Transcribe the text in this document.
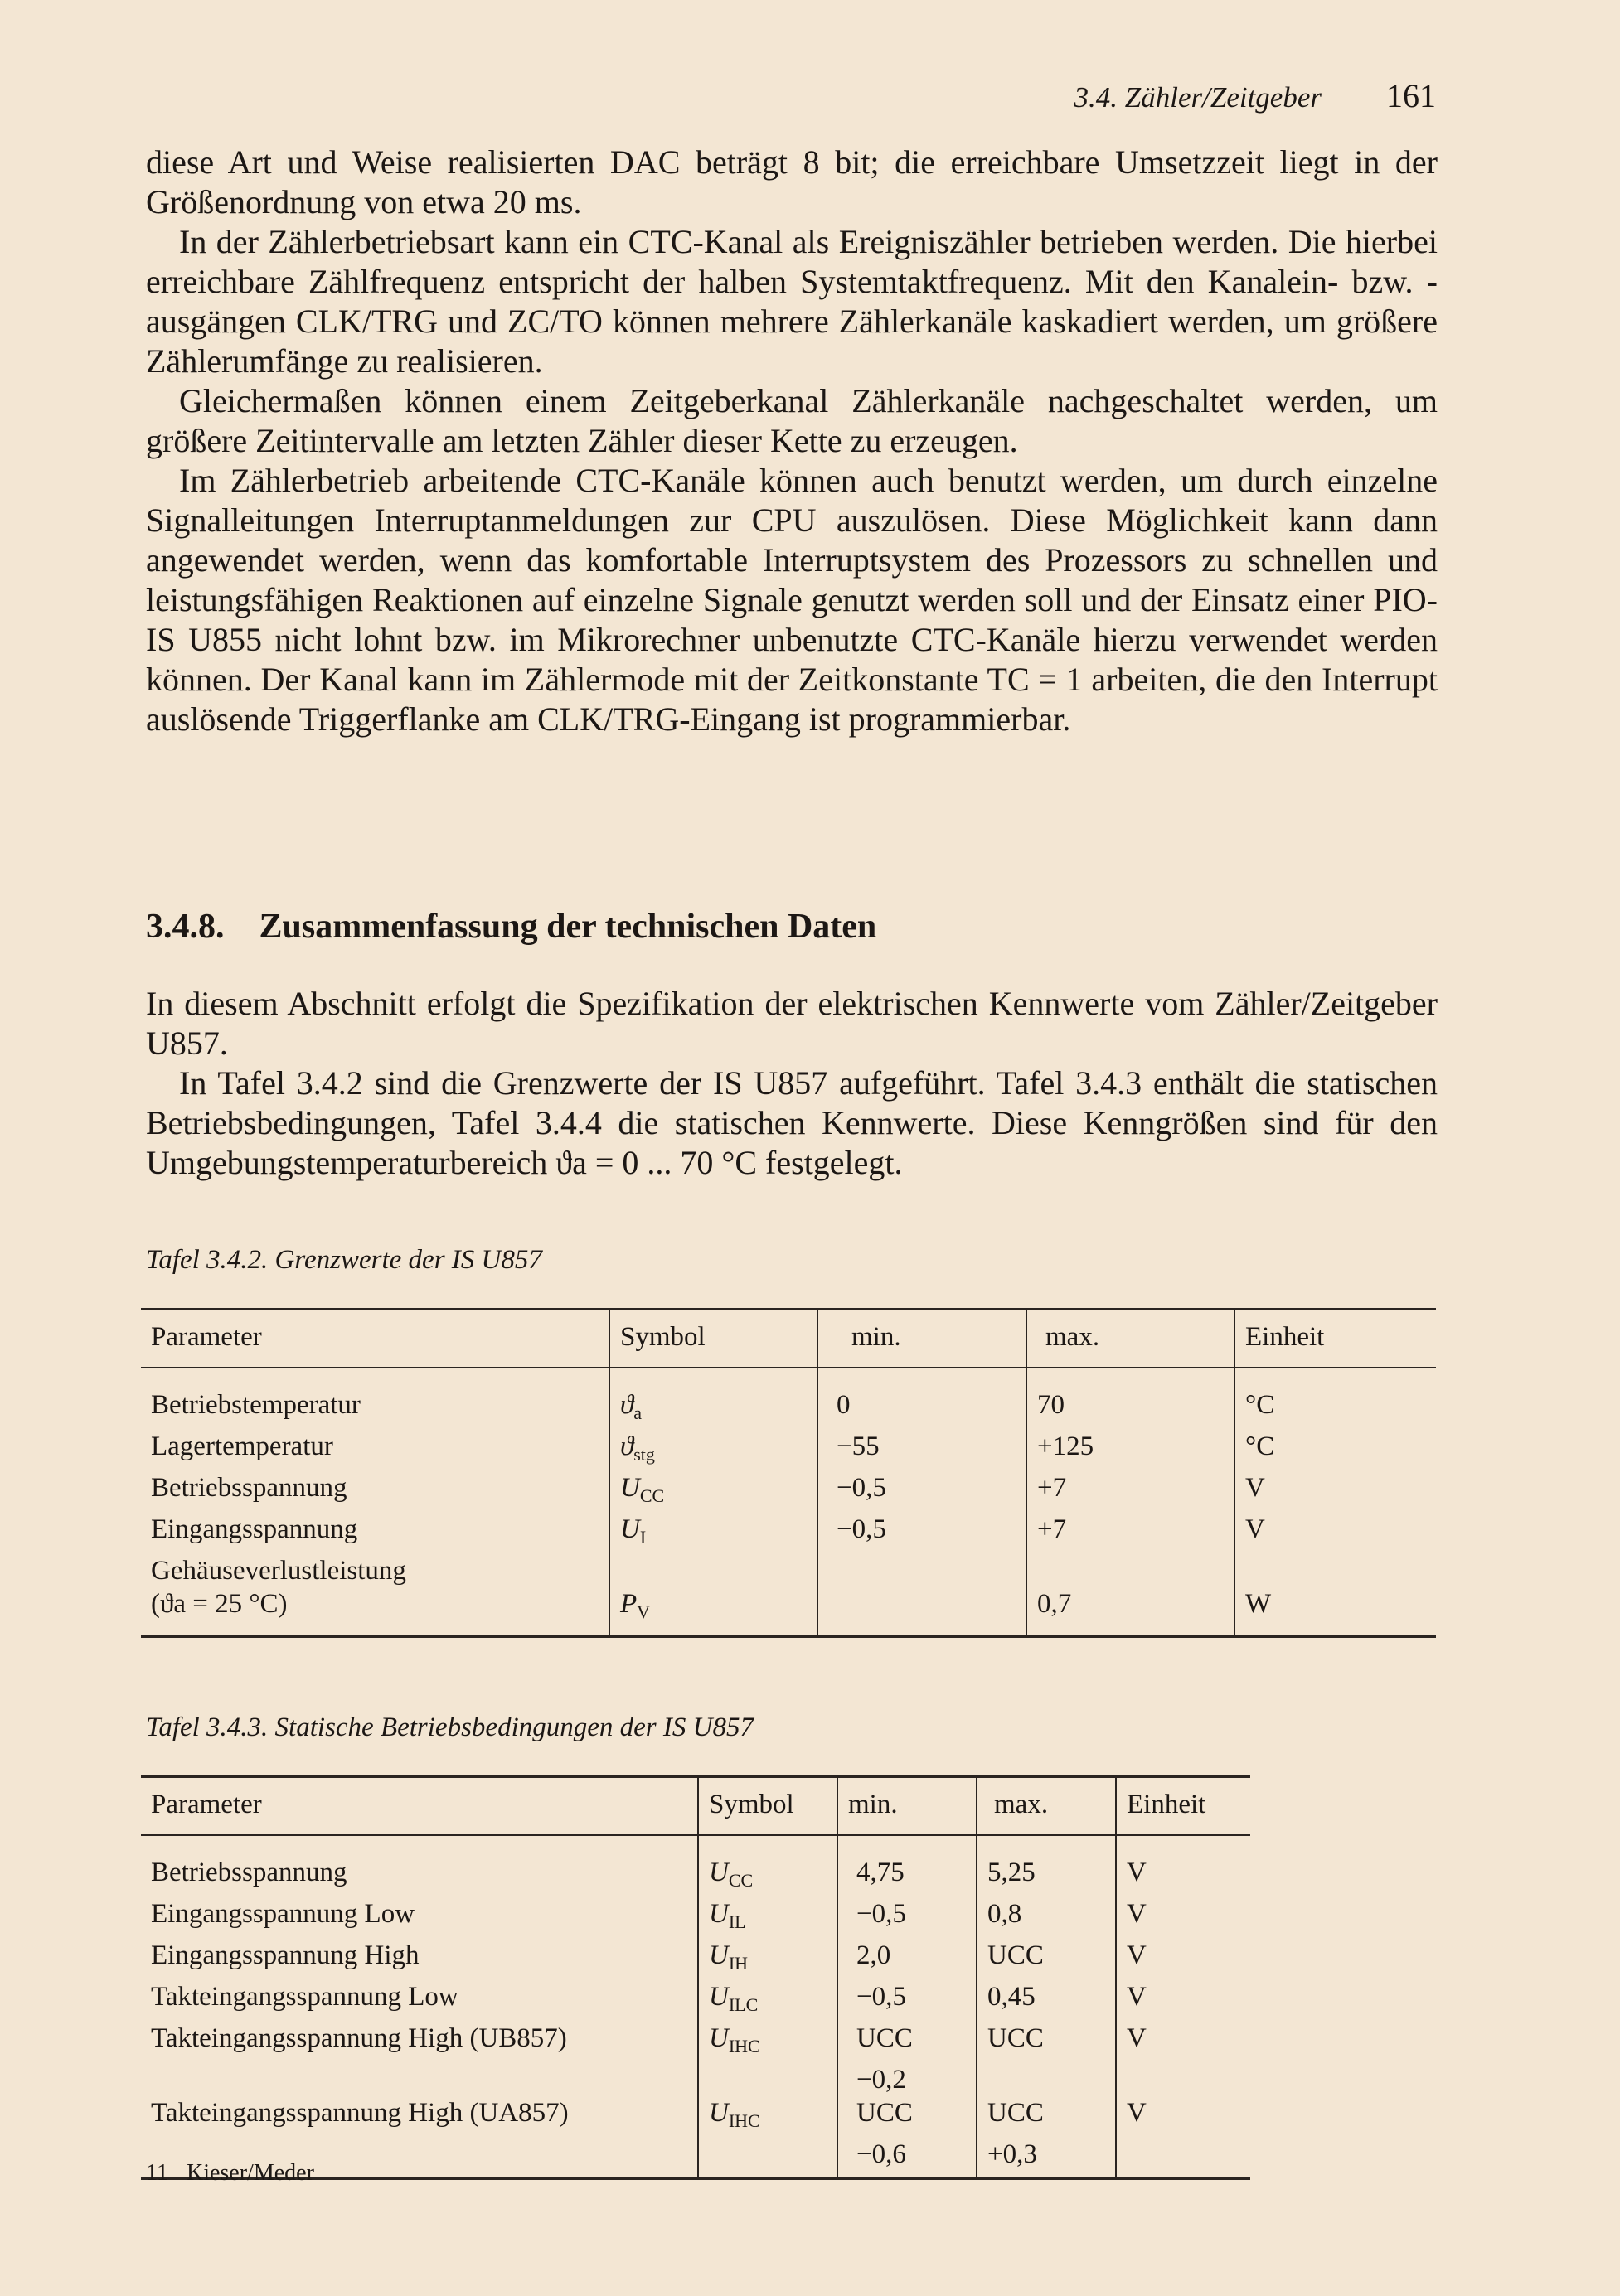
3.4. Zähler/Zeitgeber 161

diese Art und Weise realisierten DAC beträgt 8 bit; die erreichbare Umsetzzeit liegt in der Größenordnung von etwa 20 ms.

In der Zählerbetriebsart kann ein CTC-Kanal als Ereigniszähler betrieben werden. Die hierbei erreichbare Zählfrequenz entspricht der halben Systemtaktfrequenz. Mit den Kanalein- bzw. -ausgängen CLK/TRG und ZC/TO können mehrere Zählerkanäle kaskadiert werden, um größere Zählerumfänge zu realisieren.

Gleichermaßen können einem Zeitgeberkanal Zählerkanäle nachgeschaltet werden, um größere Zeitintervalle am letzten Zähler dieser Kette zu erzeugen.

Im Zählerbetrieb arbeitende CTC-Kanäle können auch benutzt werden, um durch einzelne Signalleitungen Interruptanmeldungen zur CPU auszulösen. Diese Möglichkeit kann dann angewendet werden, wenn das komfortable Interruptsystem des Prozessors zu schnellen und leistungsfähigen Reaktionen auf einzelne Signale genutzt werden soll und der Einsatz einer PIO-IS U855 nicht lohnt bzw. im Mikrorechner unbenutzte CTC-Kanäle hierzu verwendet werden können. Der Kanal kann im Zählermode mit der Zeitkonstante TC = 1 arbeiten, die den Interrupt auslösende Triggerflanke am CLK/TRG-Eingang ist programmierbar.

3.4.8. Zusammenfassung der technischen Daten

In diesem Abschnitt erfolgt die Spezifikation der elektrischen Kennwerte vom Zähler/Zeitgeber U857.

In Tafel 3.4.2 sind die Grenzwerte der IS U857 aufgeführt. Tafel 3.4.3 enthält die statischen Betriebsbedingungen, Tafel 3.4.4 die statischen Kennwerte. Diese Kenngrößen sind für den Umgebungstemperaturbereich ϑa = 0 ... 70 °C festgelegt.

Tafel 3.4.2. Grenzwerte der IS U857
Parameter	Symbol	min.	max.	Einheit
Betriebstemperatur	$ϑ_a$	0	70	°C
Lagertemperatur	$ϑ_{stg}$	−55	+125	°C
Betriebsspannung	$U_{CC}$	−0,5	+7	V
Eingangsspannung	$U_I$	−0,5	+7	V
Gehäuseverlustleistung				
(ϑa = 25 °C)	$P_V$		0,7	W
Tafel 3.4.3. Statische Betriebsbedingungen der IS U857
Parameter	Symbol	min.	max.	Einheit
Betriebsspannung	$U_{CC}$	4,75	5,25	V
Eingangsspannung Low	$U_{IL}$	−0,5	0,8	V
Eingangsspannung High	$U_{IH}$	2,0	UCC	V
Takteingangsspannung Low	$U_{ILC}$	−0,5	0,45	V
Takteingangsspannung High (UB857)	$U_{IHC}$	UCC	UCC	V
		−0,2		
Takteingangsspannung High (UA857)	$U_{IHC}$	UCC	UCC	V
		−0,6	+0,3	
11 Kieser/Meder
